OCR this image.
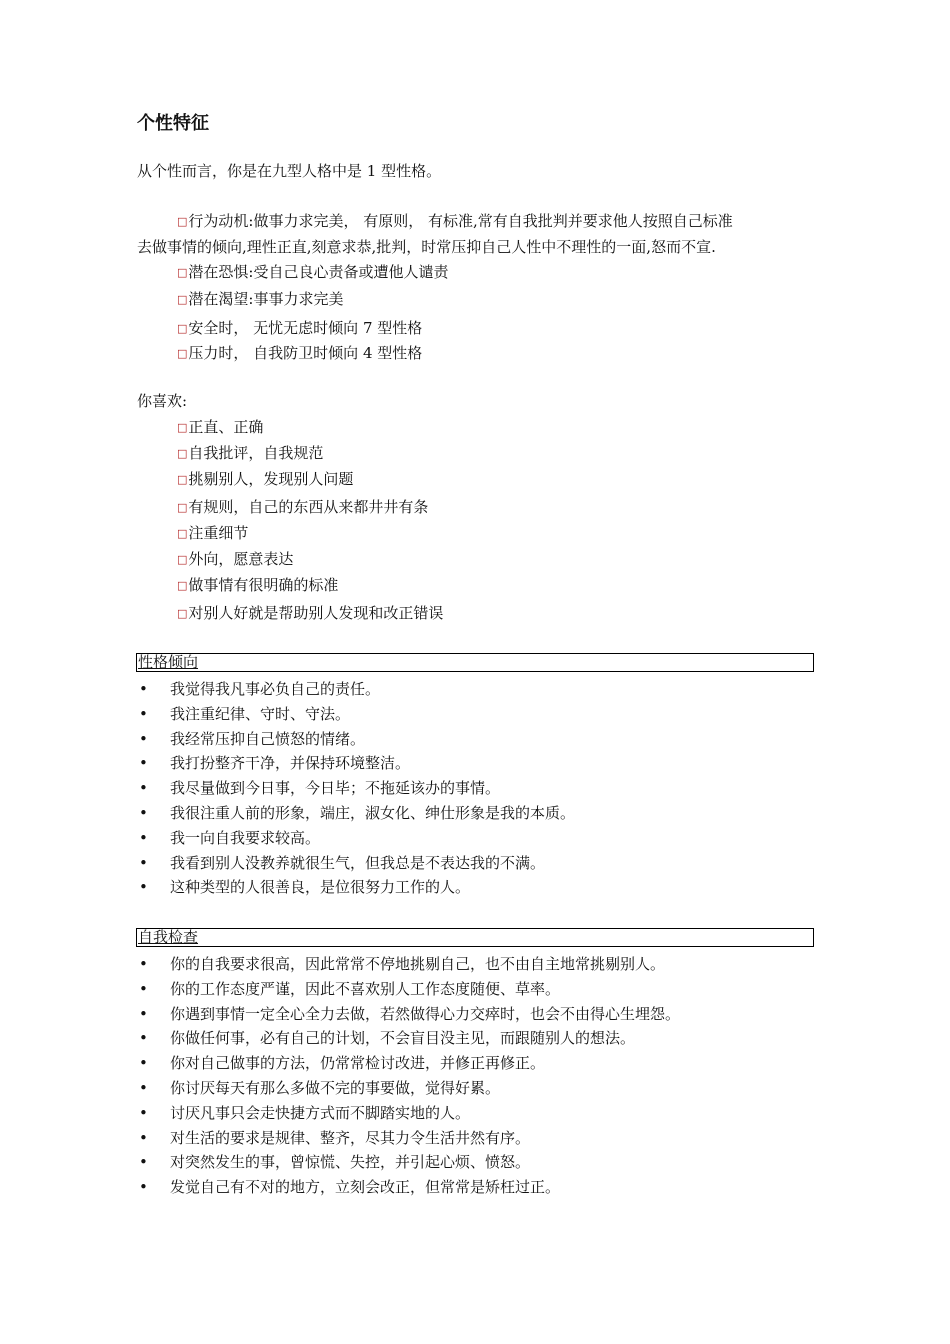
个性特征
从个性而言，你是在九型人格中是 1 型性格。
□行为动机:做事力求完美， 有原则， 有标准,常有自我批判并要求他人按照自己标准
去做事情的倾向,理性正直,刻意求恭,批判，时常压抑自己人性中不理性的一面,怒而不宣.
□潜在恐惧:受自己良心责备或遭他人谴责
□潜在渴望:事事力求完美
□安全时， 无忧无虑时倾向 7 型性格
□压力时， 自我防卫时倾向 4 型性格
你喜欢:
□正直、正确
□自我批评，自我规范
□挑剔别人，发现别人问题
□有规则，自己的东西从来都井井有条
□注重细节
□外向，愿意表达
□做事情有很明确的标准
□对别人好就是帮助别人发现和改正错误
性格倾向
• 我觉得我凡事必负自己的责任。
• 我注重纪律、守时、守法。
• 我经常压抑自己愤怒的情绪。
• 我打扮整齐干净，并保持环境整洁。
• 我尽量做到今日事，今日毕；不拖延该办的事情。
• 我很注重人前的形象，端庄，淑女化、绅仕形象是我的本质。
• 我一向自我要求较高。
• 我看到别人没教养就很生气，但我总是不表达我的不满。
• 这种类型的人很善良，是位很努力工作的人。
自我检查
• 你的自我要求很高，因此常常不停地挑剔自己，也不由自主地常挑剔别人。
• 你的工作态度严谨，因此不喜欢别人工作态度随便、草率。
• 你遇到事情一定全心全力去做，若然做得心力交瘁时，也会不由得心生埋怨。
• 你做任何事，必有自己的计划，不会盲目没主见，而跟随别人的想法。
• 你对自己做事的方法，仍常常检讨改进，并修正再修正。
• 你讨厌每天有那么多做不完的事要做，觉得好累。
• 讨厌凡事只会走快捷方式而不脚踏实地的人。
• 对生活的要求是规律、整齐，尽其力令生活井然有序。
• 对突然发生的事，曾惊慌、失控，并引起心烦、愤怒。
• 发觉自己有不对的地方，立刻会改正，但常常是矫枉过正。
